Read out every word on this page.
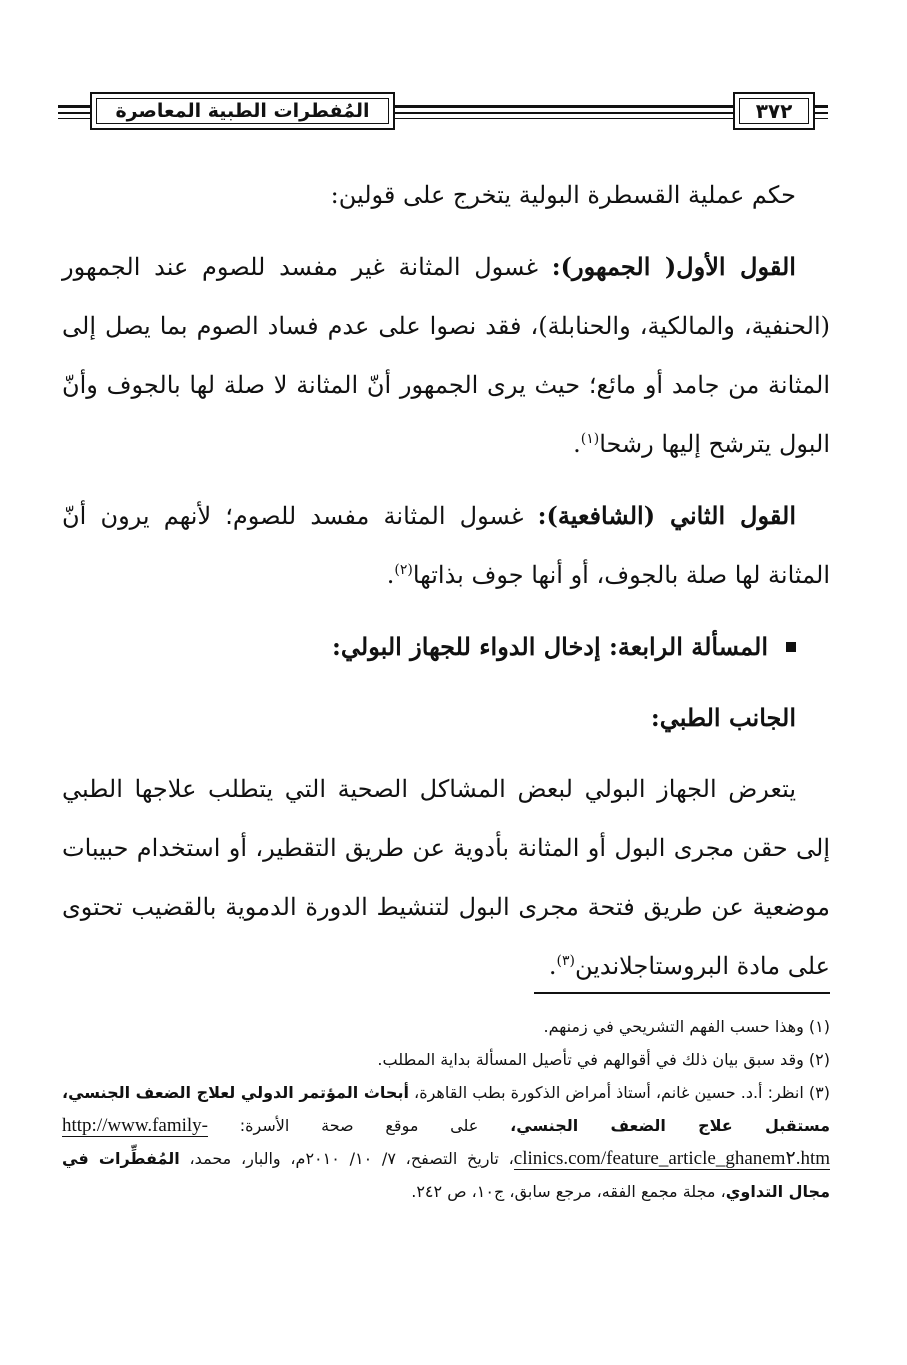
المُفطرات الطبية المعاصرة	٣٧٢

حكم عملية القسطرة البولية يتخرج على قولين:

القول الأول( الجمهور): غسول المثانة غير مفسد للصوم عند الجمهور (الحنفية، والمالكية، والحنابلة)، فقد نصوا على عدم فساد الصوم بما يصل إلى المثانة من جامد أو مائع؛ حيث يرى الجمهور أنّ المثانة لا صلة لها بالجوف وأنّ البول يترشح إليها رشحا$^{(١)}$.

القول الثاني (الشافعية): غسول المثانة مفسد للصوم؛ لأنهم يرون أنّ المثانة لها صلة بالجوف، أو أنها جوف بذاتها$^{(٢)}$.

المسألة الرابعة: إدخال الدواء للجهاز البولي:

الجانب الطبي:

يتعرض الجهاز البولي لبعض المشاكل الصحية التي يتطلب علاجها الطبي إلى حقن مجرى البول أو المثانة بأدوية عن طريق التقطير، أو استخدام حبيبات موضعية عن طريق فتحة مجرى البول لتنشيط الدورة الدموية بالقضيب تحتوى على مادة البروستاجلاندين$^{(٣)}$.

(١) وهذا حسب الفهم التشريحي في زمنهم.

(٢) وقد سبق بيان ذلك في أقوالهم في تأصيل المسألة بداية المطلب.

(٣) انظر: أ.د. حسين غانم، أستاذ أمراض الذكورة بطب القاهرة، أبحاث المؤتمر الدولي لعلاج الضعف الجنسي، مستقبل علاج الضعف الجنسي، على موقع صحة الأسرة: http://www.family-clinics.com/feature_article_ghanem٢.htm، تاريخ التصفح، ٧/ ١٠/ ٢٠١٠م، والبار، محمد، المُفطِّرات في مجال التداوي، مجلة مجمع الفقه، مرجع سابق، ج١٠، ص ٢٤٢.
